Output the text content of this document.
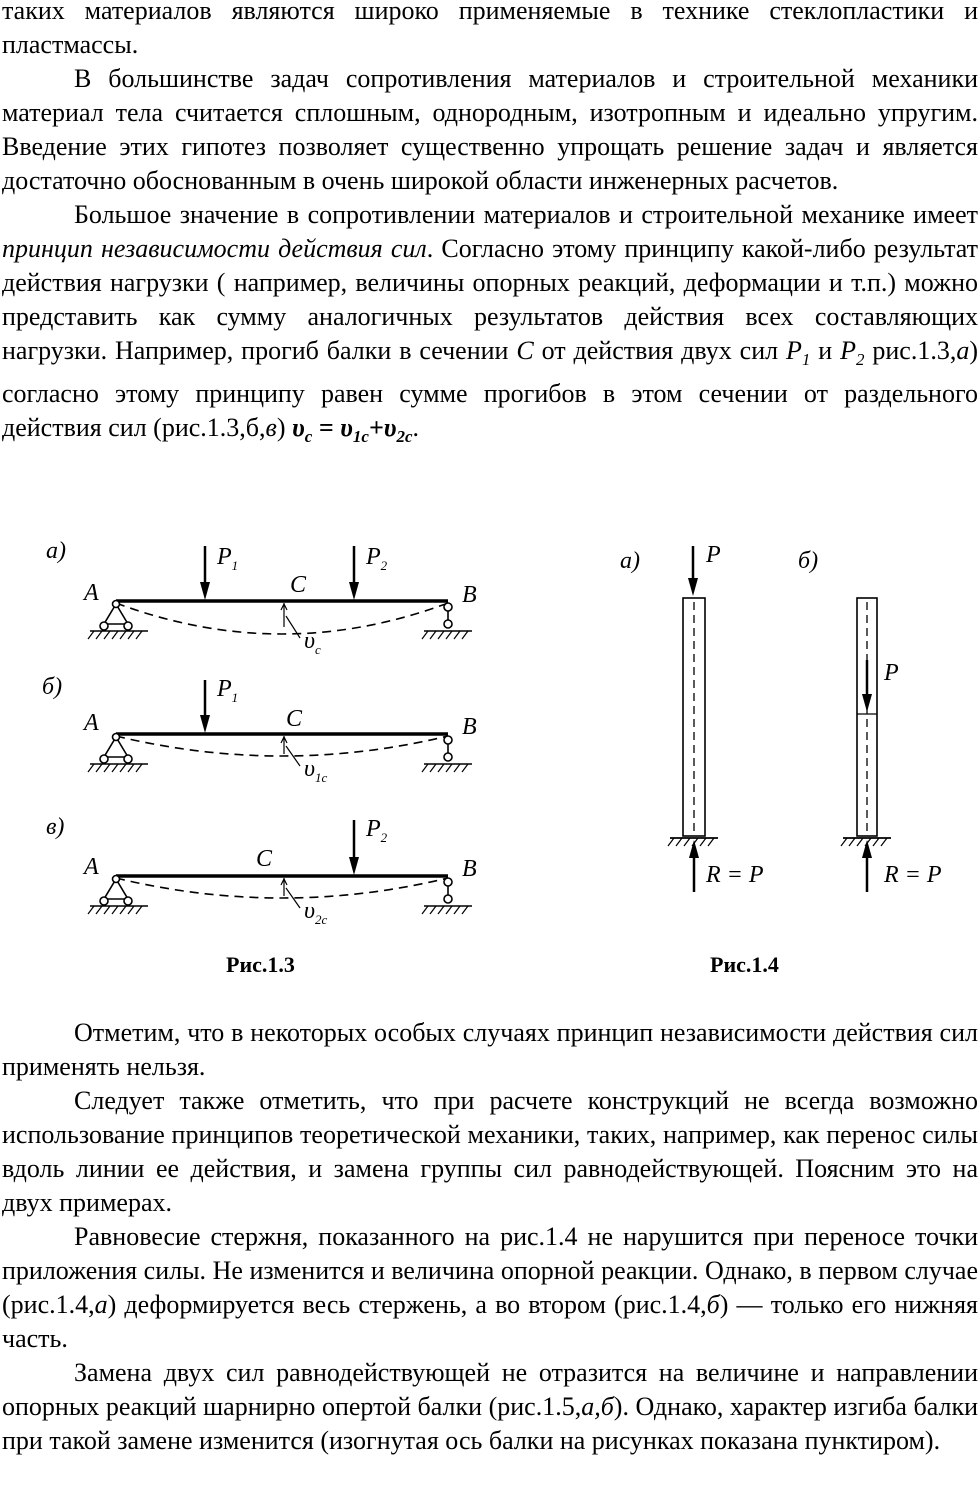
таких материалов являются широко применяемые в технике стеклопластики и пластмассы.

В большинстве задач сопротивления материалов и строительной механики материал тела считается сплошным, однородным, изотропным и идеально упругим. Введение этих гипотез позволяет существенно упрощать решение задач и является достаточно обоснованным в очень широкой области инженерных расчетов.

Большое значение в сопротивлении материалов и строительной механике имеет принцип независимости действия сил. Согласно этому принципу какой-либо результат действия нагрузки ( например, величины опорных реакций, деформации и т.п.) можно представить как сумму аналогичных результатов действия всех составляющих нагрузки. Например, прогиб балки в сечении C от действия двух сил $P_1$ и $P_2$ рис.1.3,а) согласно этому принципу равен сумме прогибов в этом сечении от раздельного действия сил (рис.1.3,б,в) $\upsilon_c = \upsilon_{1c}+\upsilon_{2c}$.

а)
A	B
C
$P_1$	$P_2$
$\upsilon_c$
б)
A	B
C
$P_1$
$\upsilon_{1c}$
в)
A	B
C
$P_2$
$\upsilon_{2c}$
а)	P
R = P
б)
P
R = P
Рис.1.3	Рис.1.4

Отметим, что в некоторых особых случаях принцип независимости действия сил применять нельзя.

Следует также отметить, что при расчете конструкций не всегда возможно использование принципов теоретической механики, таких, например, как перенос силы вдоль линии ее действия, и замена группы сил равнодействующей. Поясним это на двух примерах.

Равновесие стержня, показанного на рис.1.4 не нарушится при переносе точки приложения силы. Не изменится и величина опорной реакции. Однако, в первом случае (рис.1.4,а) деформируется весь стержень, а во втором (рис.1.4,б) — только его нижняя часть.

Замена двух сил равнодействующей не отразится на величине и направлении опорных реакций шарнирно опертой балки (рис.1.5,а,б). Однако, характер изгиба балки при такой замене изменится (изогнутая ось балки на рисунках показана пунктиром).
